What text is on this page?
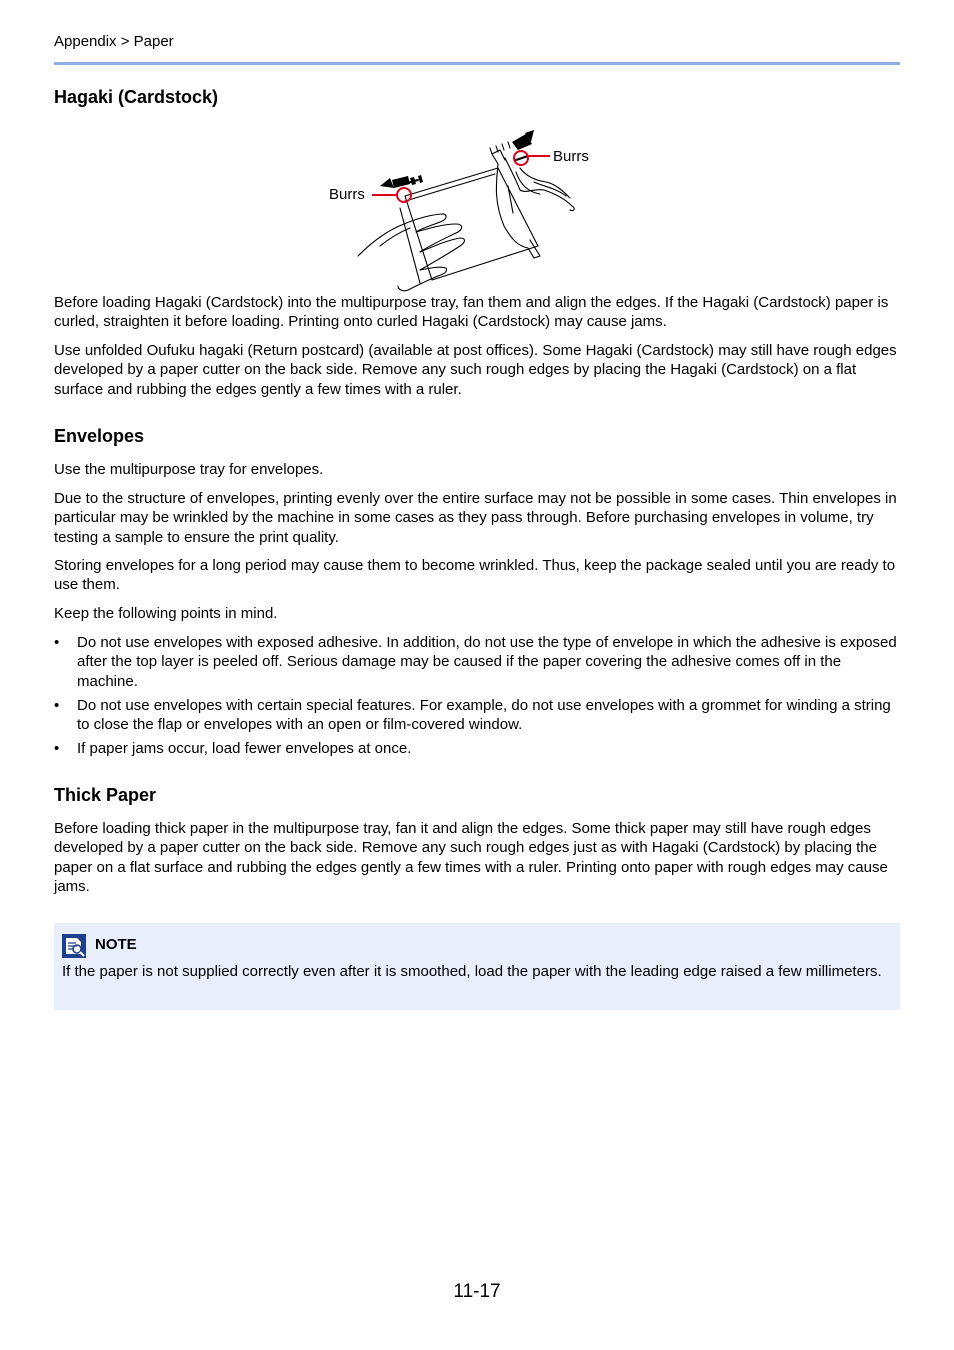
Appendix > Paper
Hagaki (Cardstock)
Burrs
Burrs
Before loading Hagaki (Cardstock) into the multipurpose tray, fan them and align the edges. If the Hagaki (Cardstock) paper is curled, straighten it before loading. Printing onto curled Hagaki (Cardstock) may cause jams.
Use unfolded Oufuku hagaki (Return postcard) (available at post offices). Some Hagaki (Cardstock) may still have rough edges developed by a paper cutter on the back side. Remove any such rough edges by placing the Hagaki (Cardstock) on a flat surface and rubbing the edges gently a few times with a ruler.
Envelopes
Use the multipurpose tray for envelopes.
Due to the structure of envelopes, printing evenly over the entire surface may not be possible in some cases. Thin envelopes in particular may be wrinkled by the machine in some cases as they pass through. Before purchasing envelopes in volume, try testing a sample to ensure the print quality.
Storing envelopes for a long period may cause them to become wrinkled. Thus, keep the package sealed until you are ready to use them.
Keep the following points in mind.
• Do not use envelopes with exposed adhesive. In addition, do not use the type of envelope in which the adhesive is exposed after the top layer is peeled off. Serious damage may be caused if the paper covering the adhesive comes off in the machine.
• Do not use envelopes with certain special features. For example, do not use envelopes with a grommet for winding a string to close the flap or envelopes with an open or film-covered window.
• If paper jams occur, load fewer envelopes at once.
Thick Paper
Before loading thick paper in the multipurpose tray, fan it and align the edges. Some thick paper may still have rough edges developed by a paper cutter on the back side. Remove any such rough edges just as with Hagaki (Cardstock) by placing the paper on a flat surface and rubbing the edges gently a few times with a ruler. Printing onto paper with rough edges may cause jams.
NOTE
If the paper is not supplied correctly even after it is smoothed, load the paper with the leading edge raised a few millimeters.
11-17
